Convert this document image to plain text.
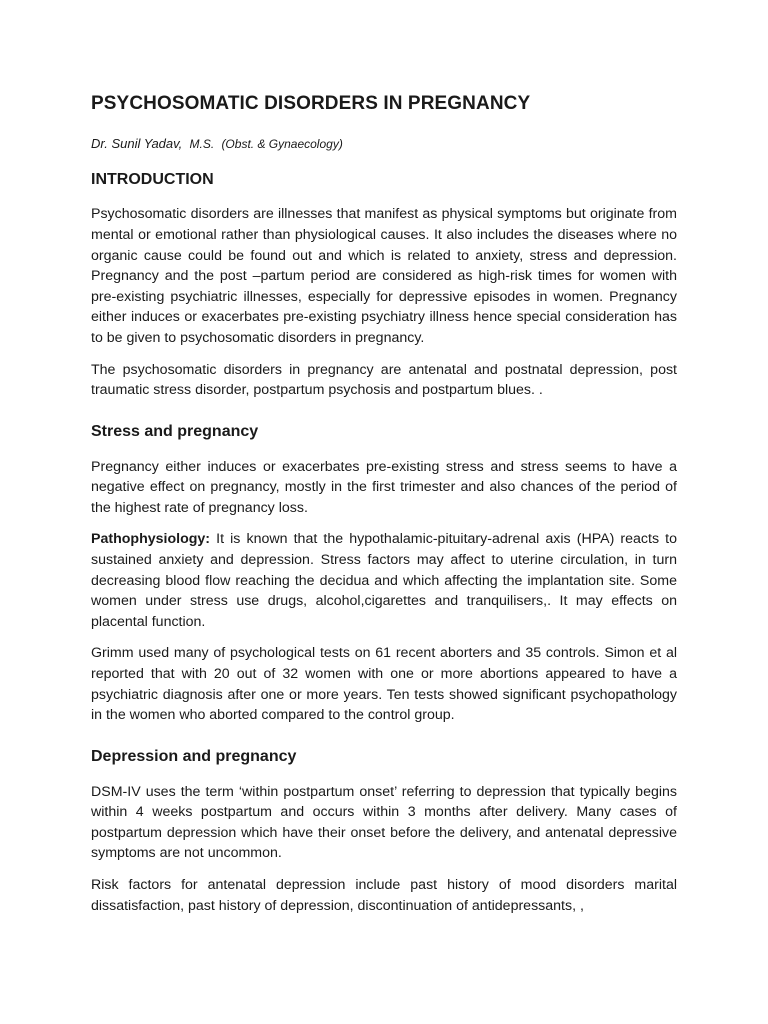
PSYCHOSOMATIC DISORDERS IN PREGNANCY
Dr. Sunil Yadav, M.S. (Obst. & Gynaecology)
INTRODUCTION

Psychosomatic disorders are illnesses that manifest as physical symptoms but originate from mental or emotional rather than physiological causes. It also includes the diseases where no organic cause could be found out and which is related to anxiety, stress and depression. Pregnancy and the post –partum period are considered as high-risk times for women with pre-existing psychiatric illnesses, especially for depressive episodes in women. Pregnancy either induces or exacerbates pre-existing psychiatry illness hence special consideration has to be given to psychosomatic disorders in pregnancy.

The psychosomatic disorders in pregnancy are antenatal and postnatal depression, post traumatic stress disorder, postpartum psychosis and postpartum blues. .

Stress and pregnancy

Pregnancy either induces or exacerbates pre-existing stress and stress seems to have a negative effect on pregnancy, mostly in the first trimester and also chances of the period of the highest rate of pregnancy loss.

Pathophysiology: It is known that the hypothalamic-pituitary-adrenal axis (HPA) reacts to sustained anxiety and depression. Stress factors may affect to uterine circulation, in turn decreasing blood flow reaching the decidua and which affecting the implantation site. Some women under stress use drugs, alcohol,cigarettes and tranquilisers,. It may effects on placental function.

Grimm used many of psychological tests on 61 recent aborters and 35 controls. Simon et al reported that with 20 out of 32 women with one or more abortions appeared to have a psychiatric diagnosis after one or more years. Ten tests showed significant psychopathology in the women who aborted compared to the control group.

Depression and pregnancy

DSM-IV uses the term ‘within postpartum onset’ referring to depression that typically begins within 4 weeks postpartum and occurs within 3 months after delivery. Many cases of postpartum depression which have their onset before the delivery, and antenatal depressive symptoms are not uncommon.

Risk factors for antenatal depression include past history of mood disorders marital dissatisfaction, past history of depression, discontinuation of antidepressants, ,
